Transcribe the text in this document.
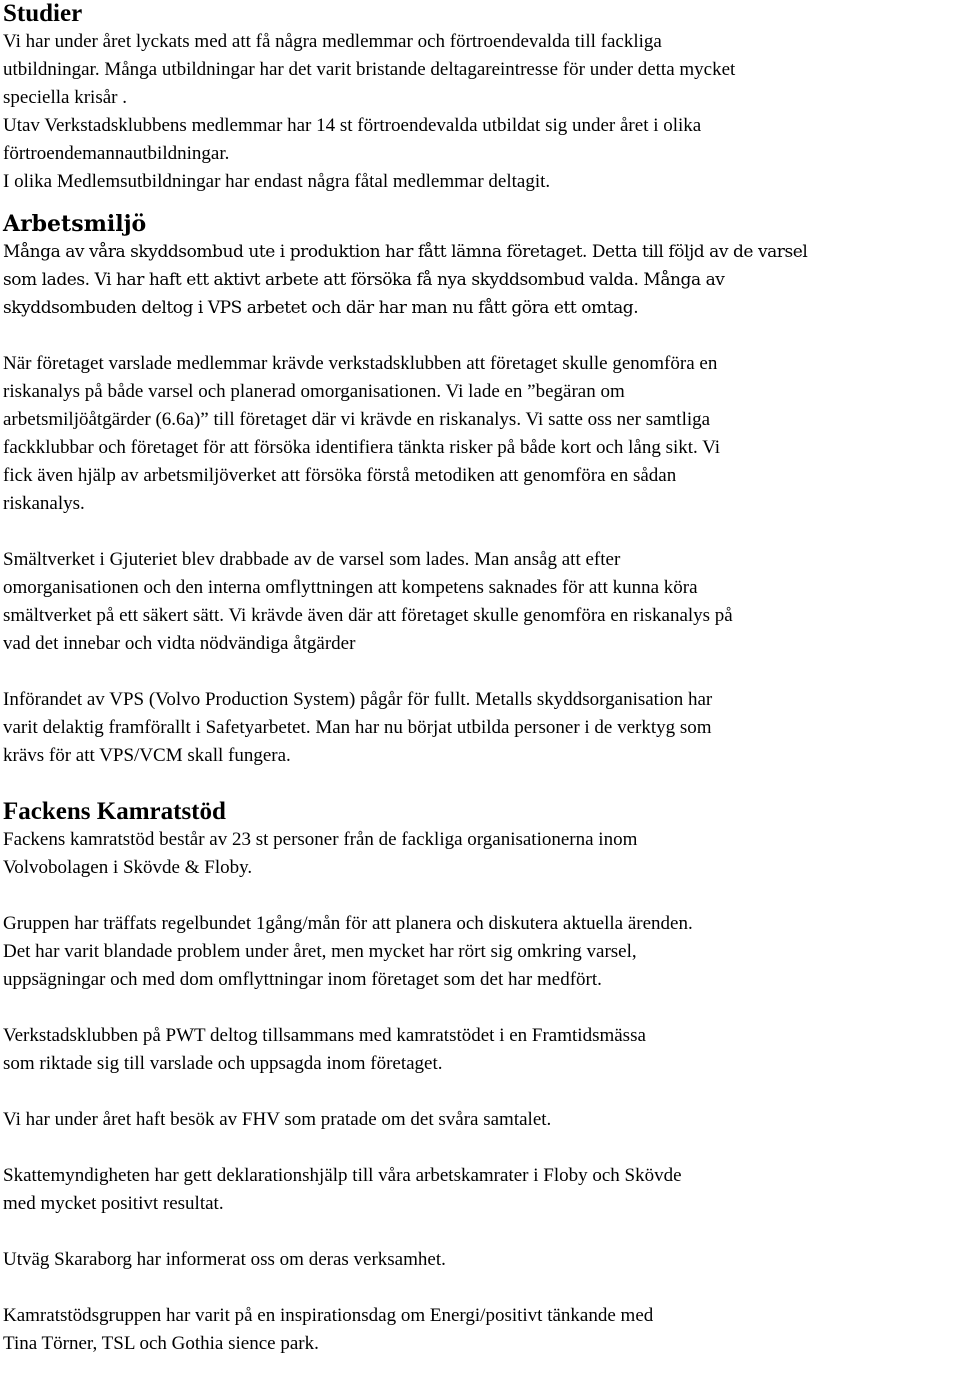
Studier

Vi har under året lyckats med att få några medlemmar och förtroendevalda till fackliga
utbildningar. Många utbildningar har det varit bristande deltagareintresse för under detta mycket
speciella krisår .

Utav Verkstadsklubbens medlemmar har 14 st förtroendevalda utbildat sig under året i olika
förtroendemannautbildningar.

I olika Medlemsutbildningar har endast några fåtal medlemmar deltagit.

Arbetsmiljö

Många av våra skyddsombud ute i produktion har fått lämna företaget. Detta till följd av de varsel
som lades. Vi har haft ett aktivt arbete att försöka få nya skyddsombud valda. Många av
skyddsombuden deltog i VPS arbetet och där har man nu fått göra ett omtag.

När företaget varslade medlemmar krävde verkstadsklubben att företaget skulle genomföra en
riskanalys på både varsel och planerad omorganisationen. Vi lade en ”begäran om
arbetsmiljöåtgärder (6.6a)” till företaget där vi krävde en riskanalys. Vi satte oss ner samtliga
fackklubbar och företaget för att försöka identifiera tänkta risker på både kort och lång sikt. Vi
fick även hjälp av arbetsmiljöverket att försöka förstå metodiken att genomföra en sådan
riskanalys.

Smältverket i Gjuteriet blev drabbade av de varsel som lades. Man ansåg att efter
omorganisationen och den interna omflyttningen att kompetens saknades för att kunna köra
smältverket på ett säkert sätt. Vi krävde även där att företaget skulle genomföra en riskanalys på
vad det innebar och vidta nödvändiga åtgärder

Införandet av VPS (Volvo Production System) pågår för fullt. Metalls skyddsorganisation har
varit delaktig framförallt i Safetyarbetet. Man har nu börjat utbilda personer i de verktyg som
krävs för att VPS/VCM skall fungera.

Fackens Kamratstöd

Fackens kamratstöd består av 23 st personer från de fackliga organisationerna inom
Volvobolagen i Skövde & Floby.

Gruppen har träffats regelbundet 1gång/mån för att planera och diskutera aktuella ärenden.
Det har varit blandade problem under året, men mycket har rört sig omkring varsel,
uppsägningar och med dom omflyttningar inom företaget som det har medfört.

Verkstadsklubben på PWT deltog tillsammans med kamratstödet i en Framtidsmässa
som riktade sig till varslade och uppsagda inom företaget.

Vi har under året haft besök av FHV som pratade om det svåra samtalet.

Skattemyndigheten har gett deklarationshjälp till våra arbetskamrater i Floby och Skövde
med mycket positivt resultat.

Utväg Skaraborg har informerat oss om deras verksamhet.

Kamratstödsgruppen har varit på en inspirationsdag om Energi/positivt tänkande med
Tina Törner, TSL och Gothia sience park.
